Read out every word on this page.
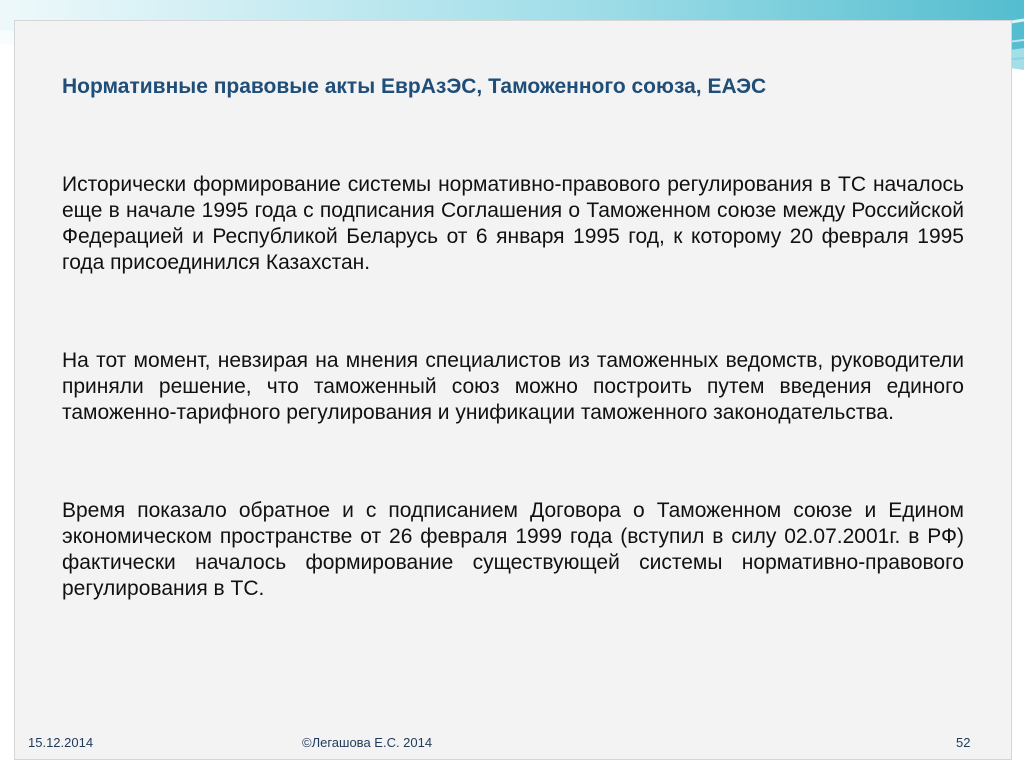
Нормативные правовые акты ЕврАзЭС, Таможенного союза, ЕАЭС

Исторически формирование системы нормативно-правового регулирования в ТС началось еще в начале 1995 года с подписания Соглашения о Таможенном союзе между Российской Федерацией и Республикой Беларусь от 6 января 1995 год, к которому 20 февраля 1995 года присоединился Казахстан.

На тот момент, невзирая на мнения специалистов из таможенных ведомств, руководители приняли решение, что таможенный союз можно построить путем введения единого таможенно-тарифного регулирования и унификации таможенного законодательства.

Время показало обратное и с подписанием Договора о Таможенном союзе и Едином экономическом пространстве от 26 февраля 1999 года (вступил в силу 02.07.2001г. в РФ) фактически началось формирование существующей системы нормативно-правового регулирования в ТС.

15.12.2014	©Легашова Е.С. 2014	52
